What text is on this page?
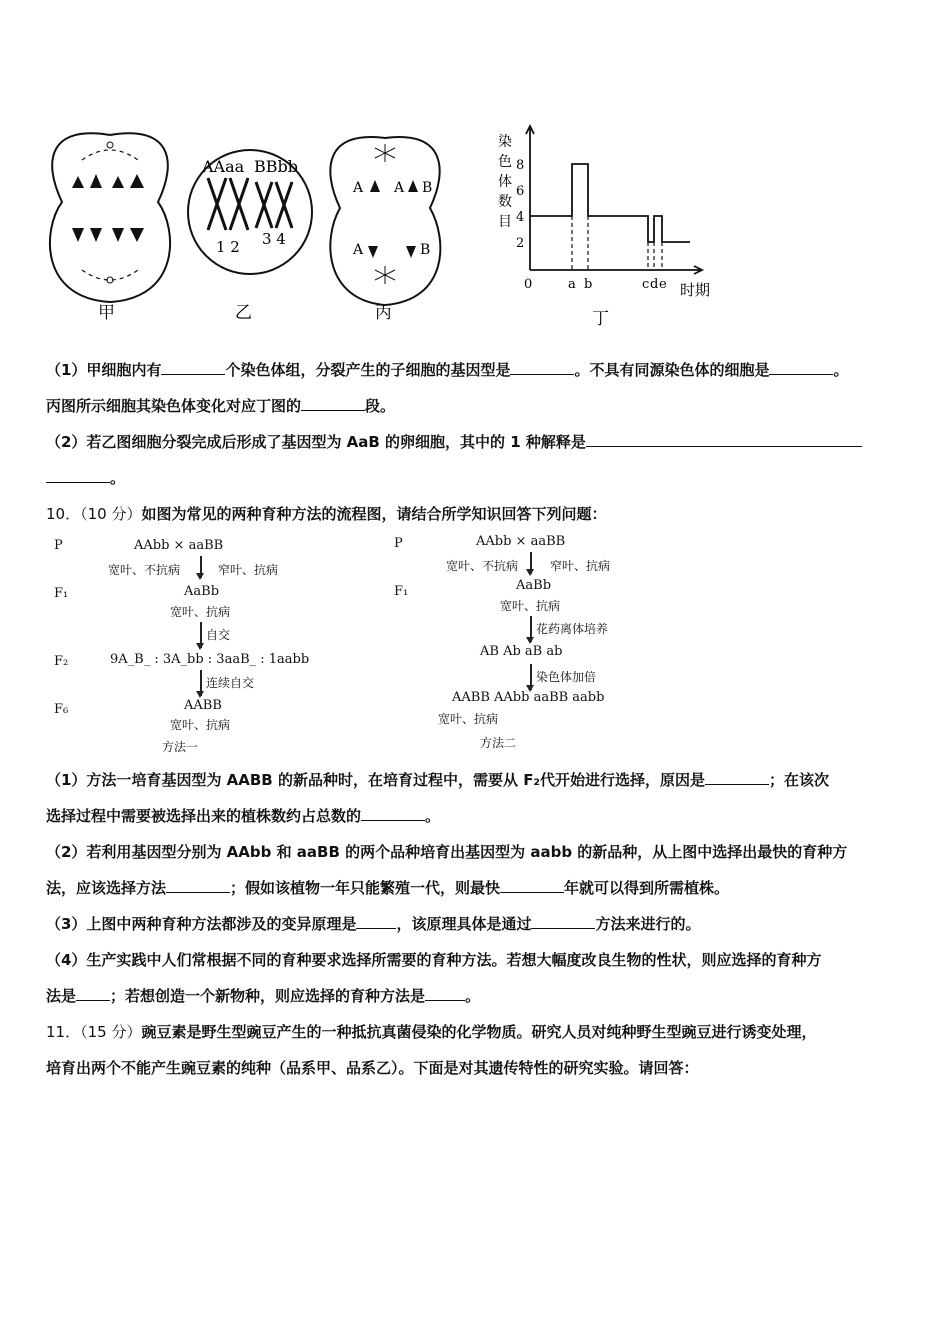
AAaa BBbb
1 2 3 4
A A B
A	B
染
色
体
数
目
8
6
4
2
0	a b	c d e 时期
甲	乙	丙	丁
（1）甲细胞内有	个染色体组，分裂产生的子细胞的基因型是	。不具有同源染色体的细胞是	。
丙图所示细胞其染色体变化对应丁图的	段。
（2）若乙图细胞分裂完成后形成了基因型为 AaB 的卵细胞，其中的 1 种解释是
。
10．（10 分）如图为常见的两种育种方法的流程图，请结合所学知识回答下列问题：
P	AAbb × aaBB
宽叶、不抗病	窄叶、抗病
F₁	AaBb
宽叶、抗病
自交
F₂	9A_B_ : 3A_bb : 3aaB_ : 1aabb
连续自交
F₆	AABB
宽叶、抗病
方法一
P	AAbb × aaBB
宽叶、不抗病	窄叶、抗病
F₁	AaBb
宽叶、抗病
花药离体培养
AB Ab aB ab
染色体加倍
AABB AAbb aaBB aabb
宽叶、抗病
方法二
（1）方法一培育基因型为 AABB 的新品种时，在培育过程中，需要从 F₂代开始进行选择，原因是	；在该次
选择过程中需要被选择出来的植株数约占总数的	。
（2）若利用基因型分别为 AAbb 和 aaBB 的两个品种培育出基因型为 aabb 的新品种，从上图中选择出最快的育种方
法，应该选择方法	；假如该植物一年只能繁殖一代，则最快	年就可以得到所需植株。
（3）上图中两种育种方法都涉及的变异原理是	，该原理具体是通过	方法来进行的。
（4）生产实践中人们常根据不同的育种要求选择所需要的育种方法。若想大幅度改良生物的性状，则应选择的育种方
法是 ；若想创造一个新物种，则应选择的育种方法是	。
11．（15 分）豌豆素是野生型豌豆产生的一种抵抗真菌侵染的化学物质。研究人员对纯种野生型豌豆进行诱变处理，
培育出两个不能产生豌豆素的纯种（品系甲、品系乙）。下面是对其遗传特性的研究实验。请回答：
